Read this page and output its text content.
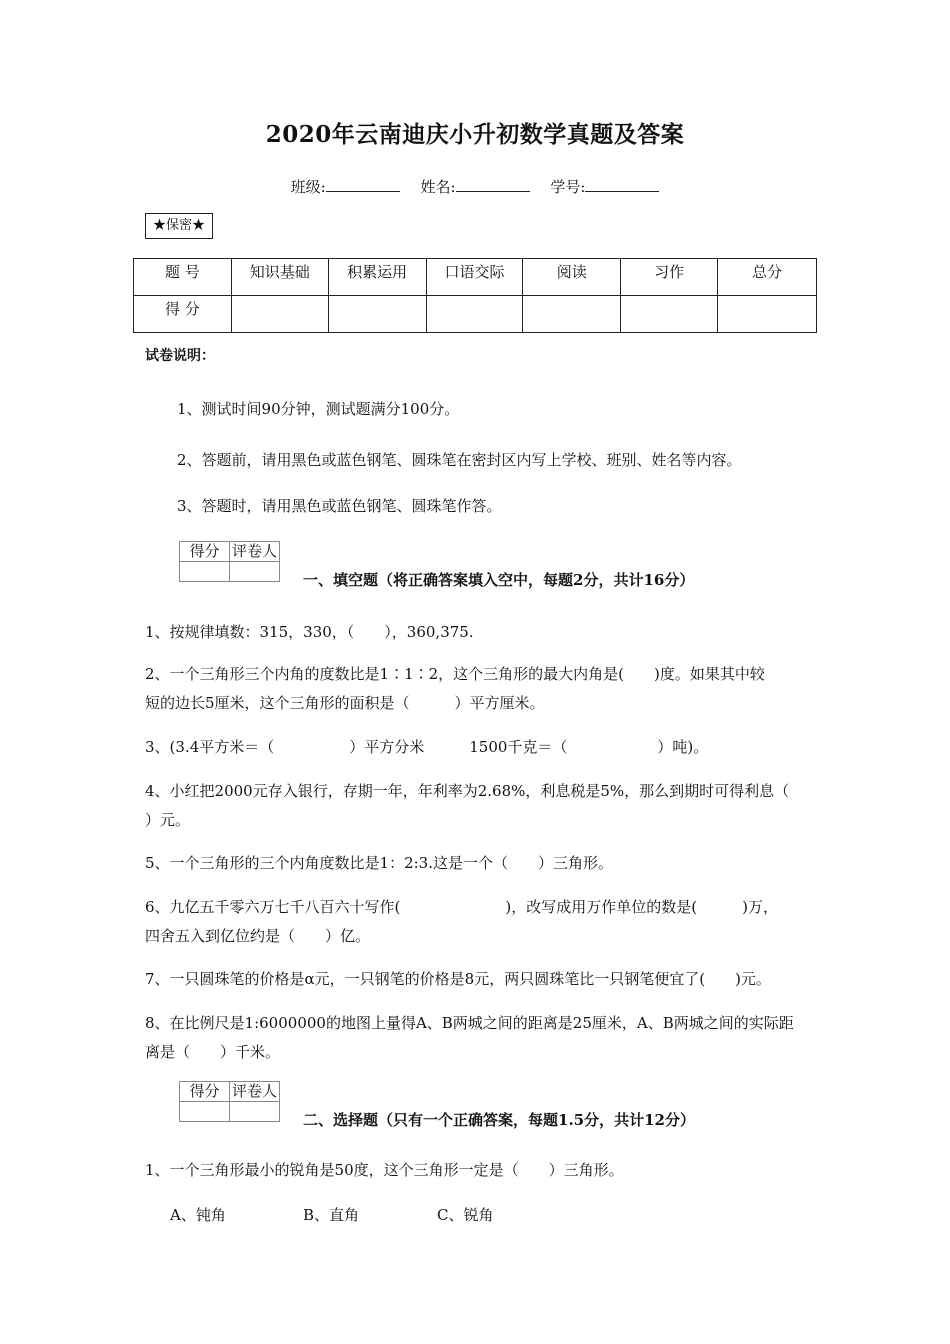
2020年云南迪庆小升初数学真题及答案
班级:	姓名:	学号:
★保密★
题 号	知识基础	积累运用	口语交际	阅读	习作	总分
得 分						
试卷说明：
1、测试时间90分钟，测试题满分100分。
2、答题前，请用黑色或蓝色钢笔、圆珠笔在密封区内写上学校、班别、姓名等内容。
3、答题时，请用黑色或蓝色钢笔、圆珠笔作答。
得分	评卷人

一、填空题（将正确答案填入空中，每题2分，共计16分）
1、按规律填数：315，330，（　　），360,375.
2、一个三角形三个内角的度数比是1∶1∶2，这个三角形的最大内角是(　　)度。如果其中较
短的边长5厘米，这个三角形的面积是（　　　）平方厘米。
3、(3.4平方米＝（　　　　　）平方分米　　　1500千克＝（　　　　　　）吨)。
4、小红把2000元存入银行，存期一年，年利率为2.68%，利息税是5%，那么到期时可得利息（
）元。
5、一个三角形的三个内角度数比是1：2:3.这是一个（　　）三角形。
6、九亿五千零六万七千八百六十写作(　　　　　　　)，改写成用万作单位的数是(　　　)万，
四舍五入到亿位约是（　　）亿。
7、一只圆珠笔的价格是α元，一只钢笔的价格是8元，两只圆珠笔比一只钢笔便宜了(　　)元。
8、在比例尺是1:6000000的地图上量得A、B两城之间的距离是25厘米，A、B两城之间的实际距
离是（　　）千米。
得分	评卷人

二、选择题（只有一个正确答案，每题1.5分，共计12分）
1、一个三角形最小的锐角是50度，这个三角形一定是（　　）三角形。
A、钝角	B、直角	C、锐角
